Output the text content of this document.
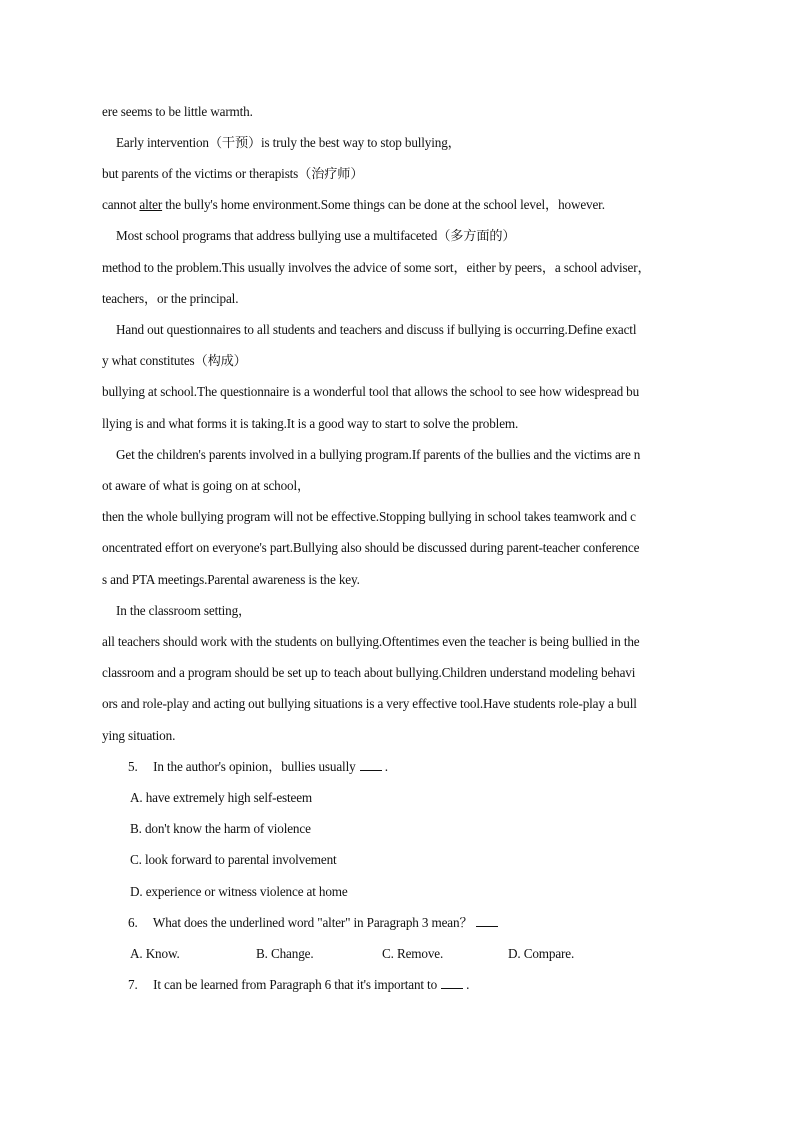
ere seems to be little warmth.
Early intervention（干预）is truly the best way to stop bullying，
but parents of the victims or therapists（治疗师）
cannot alter the bully's home environment.Some things can be done at the school level，however.
Most school programs that address bullying use a multifaceted（多方面的）
method to the problem.This usually involves the advice of some sort，either by peers，a school adviser，
teachers，or the principal.
Hand out questionnaires to all students and teachers and discuss if bullying is occurring.Define exactl
y what constitutes（构成）
bullying at school.The questionnaire is a wonderful tool that allows the school to see how widespread bu
llying is and what forms it is taking.It is a good way to start to solve the problem.
Get the children's parents involved in a bullying program.If parents of the bullies and the victims are n
ot aware of what is going on at school，
then the whole bullying program will not be effective.Stopping bullying in school takes teamwork and c
oncentrated effort on everyone's part.Bullying also should be discussed during parent-teacher conference
s and PTA meetings.Parental awareness is the key.
In the classroom setting，
all teachers should work with the students on bullying.Oftentimes even the teacher is being bullied in the
classroom and a program should be set up to teach about bullying.Children understand modeling behavi
ors and role-play and acting out bullying situations is a very effective tool.Have students role-play a bull
ying situation.
5. In the author's opinion，bullies usually .
A. have extremely high self-esteem
B. don't know the harm of violence
C. look forward to parental involvement
D. experience or witness violence at home
6. What does the underlined word "alter" in Paragraph 3 mean？
A. Know.	B. Change.	C. Remove.	D. Compare.
7. It can be learned from Paragraph 6 that it's important to .
